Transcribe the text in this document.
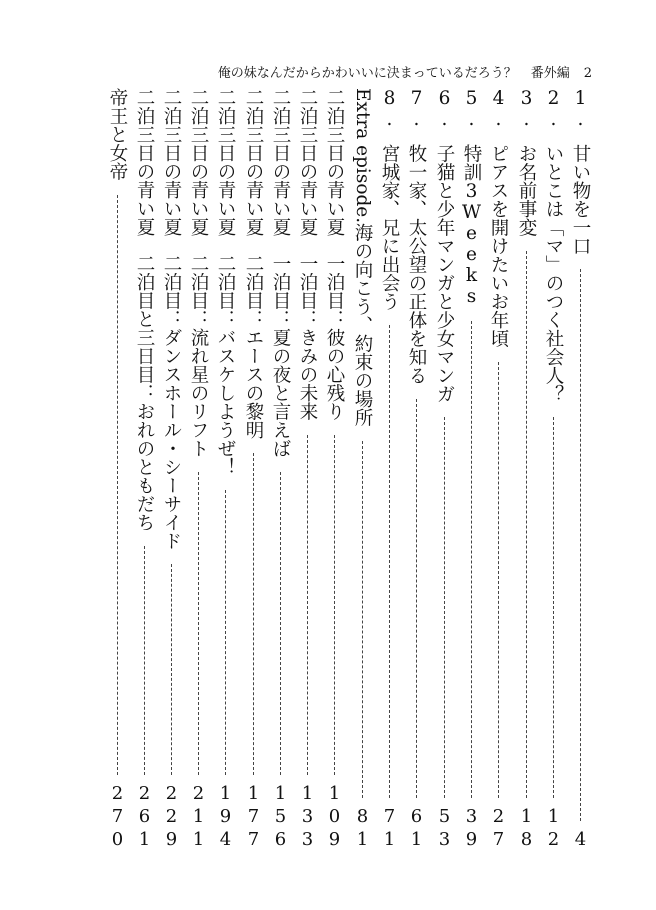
俺の妹なんだからかわいいに決まっているだろう？ 番外編 2
1.
甘い物を一口
4
2.
いとこは「マ」のつく社会人？
12
3.
お名前事変
18
4.
ピアスを開けたいお年頃
27
5.
特訓3Weeks
39
6.
子猫と少年マンガと少女マンガ
53
7.
牧一家、太公望の正体を知る
61
8.
宮城家、兄に出会う
71
Extra episode.海の向こう、約束の場所
81
二泊三日の青い夏
一泊目：彼の心残り
109
二泊三日の青い夏
一泊目：きみの未来
133
二泊三日の青い夏
一泊目：夏の夜と言えば
156
二泊三日の青い夏
二泊目：エースの黎明
177
二泊三日の青い夏
二泊目：バスケしようぜ！
194
二泊三日の青い夏
二泊目：流れ星のリフト
211
二泊三日の青い夏
二泊目：ダンスホール・シーサイド
229
二泊三日の青い夏
二泊目と三日目：おれのともだち
261
帝王と女帝
270
